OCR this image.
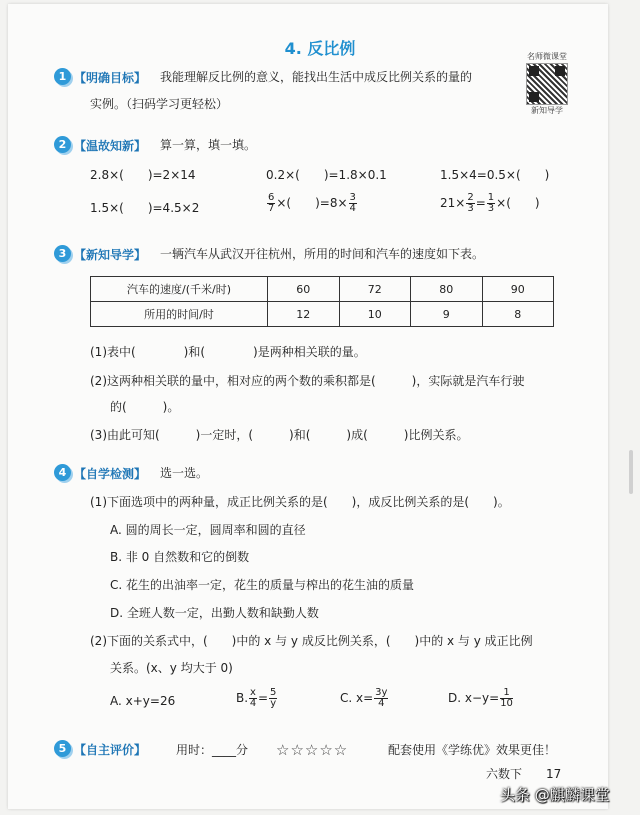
4. 反比例	名师微课堂
新知导学
1 【明确目标】 我能理解反比例的意义，能找出生活中成反比例关系的量的
实例。（扫码学习更轻松）
2 【温故知新】 算一算，填一填。
2.8×(　　)=2×14	0.2×(　　)=1.8×0.1	1.5×4=0.5×(　　)
1.5×(　　)=4.5×2	$\frac{6}{7}$ ×(　　)$=8\times \frac{3}{4}$	$21\times \frac{2}{3} = \frac{1}{3}$ ×(　　)
3 【新知导学】 一辆汽车从武汉开往杭州，所用的时间和汽车的速度如下表。
汽车的速度/(千米/时)	60	72	80	90
所用的时间/时	12	10	9	8
(1)表中(　　　　)和(　　　　)是两种相关联的量。
(2)这两种相关联的量中，相对应的两个数的乘积都是(　　　)，实际就是汽车行驶
的(　　　)。
(3)由此可知(　　　)一定时，(　　　)和(　　　)成(　　　)比例关系。
4 【自学检测】 选一选。
(1)下面选项中的两种量，成正比例关系的是(　　)，成反比例关系的是(　　)。
A. 圆的周长一定，圆周率和圆的直径
B. 非 0 自然数和它的倒数
C. 花生的出油率一定，花生的质量与榨出的花生油的质量
D. 全班人数一定，出勤人数和缺勤人数
(2)下面的关系式中，(　　)中的 x 与 y 成反比例关系，(　　)中的 x 与 y 成正比例
关系。(x、y 均大于 0)
A. x+y=26	B. $\frac{x}{4} = \frac{5}{y}$	C. $x= \frac{3y}{4}$	D. $x-y= \frac{1}{10}$
5 【自主评价】 用时：____分 ☆☆☆☆☆	配套使用《学练优》效果更佳！
六数下 17
头条 @麒麟课堂
